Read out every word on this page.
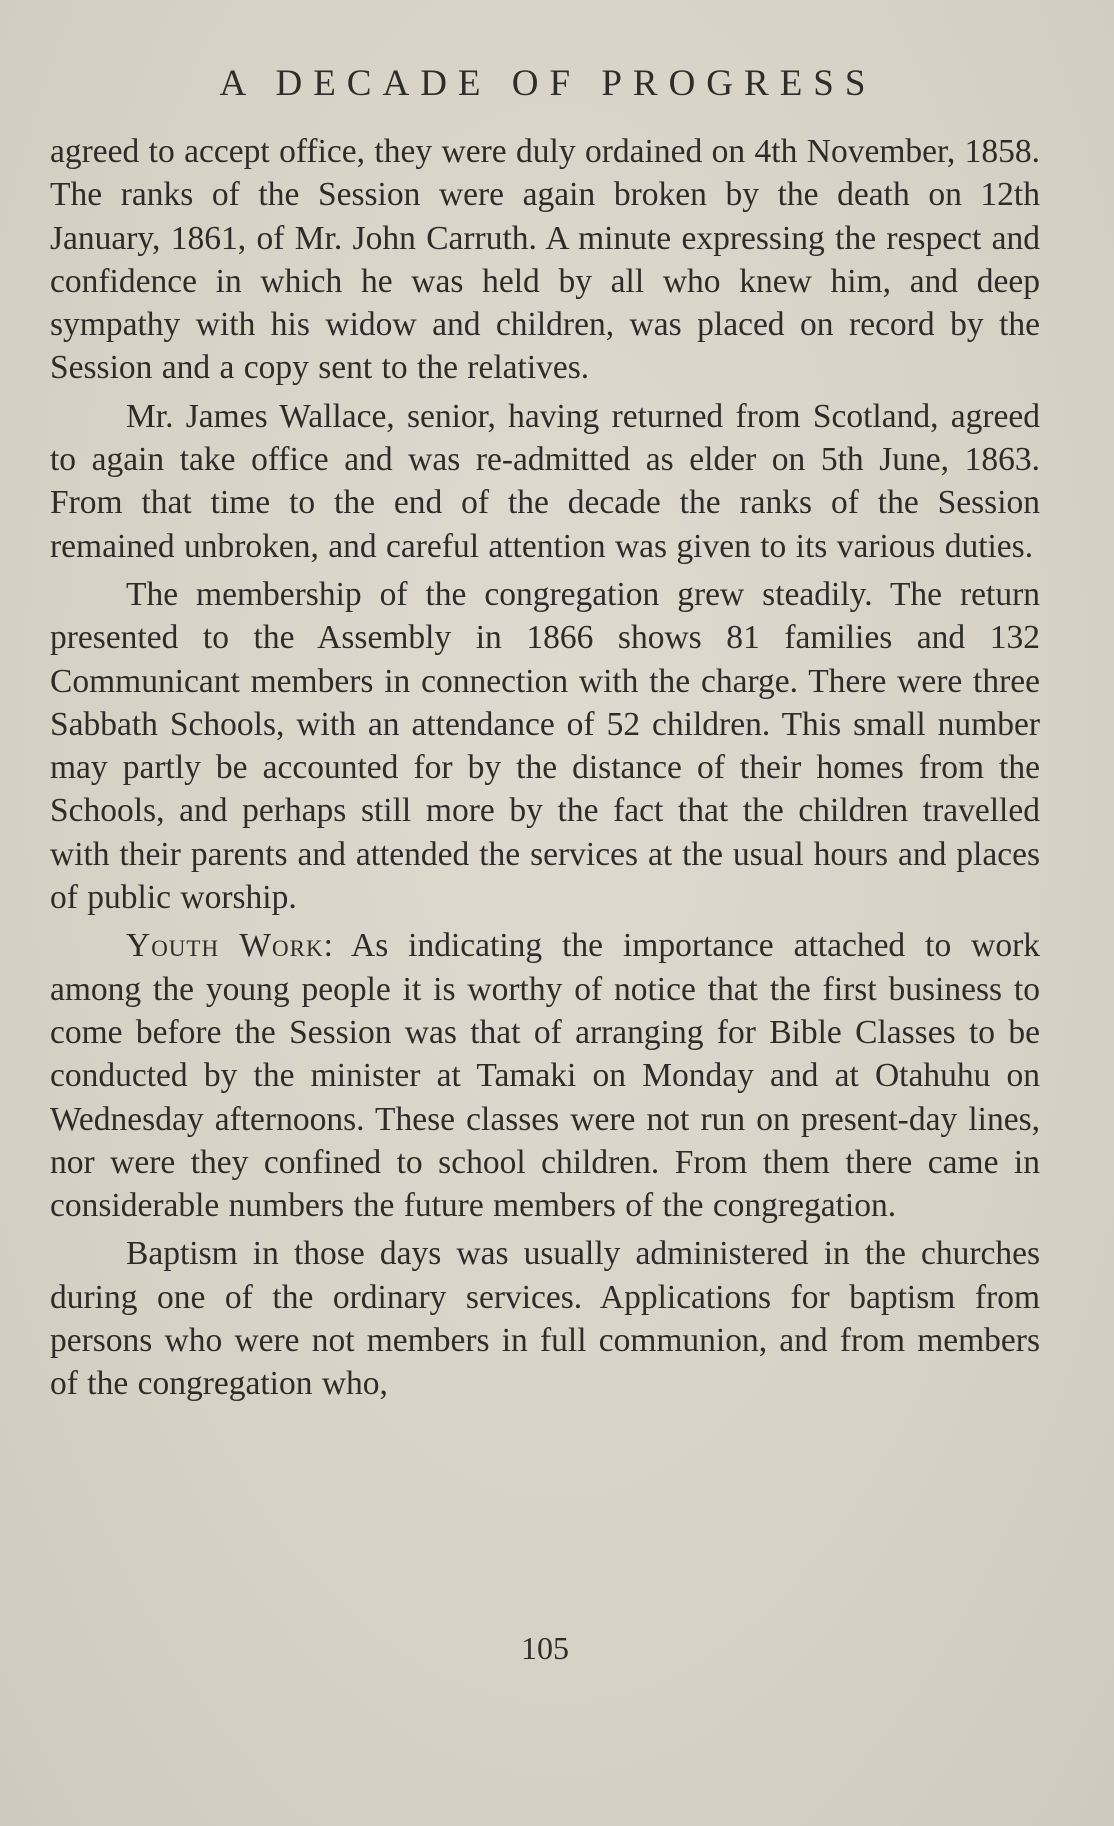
A DECADE OF PROGRESS

agreed to accept office, they were duly ordained on 4th November, 1858. The ranks of the Session were again broken by the death on 12th January, 1861, of Mr. John Carruth. A minute expressing the respect and confidence in which he was held by all who knew him, and deep sympathy with his widow and children, was placed on record by the Session and a copy sent to the relatives.

Mr. James Wallace, senior, having returned from Scotland, agreed to again take office and was re-admitted as elder on 5th June, 1863. From that time to the end of the decade the ranks of the Session remained unbroken, and careful attention was given to its various duties.

The membership of the congregation grew steadily. The return presented to the Assembly in 1866 shows 81 families and 132 Communicant members in connection with the charge. There were three Sabbath Schools, with an attendance of 52 children. This small number may partly be accounted for by the distance of their homes from the Schools, and perhaps still more by the fact that the children travelled with their parents and attended the services at the usual hours and places of public worship.

Youth Work: As indicating the importance attached to work among the young people it is worthy of notice that the first business to come before the Session was that of arranging for Bible Classes to be conducted by the minister at Tamaki on Monday and at Otahuhu on Wednesday afternoons. These classes were not run on present-day lines, nor were they confined to school children. From them there came in considerable numbers the future members of the congregation.

Baptism in those days was usually administered in the churches during one of the ordinary services. Applications for baptism from persons who were not members in full communion, and from members of the congregation who,

105
